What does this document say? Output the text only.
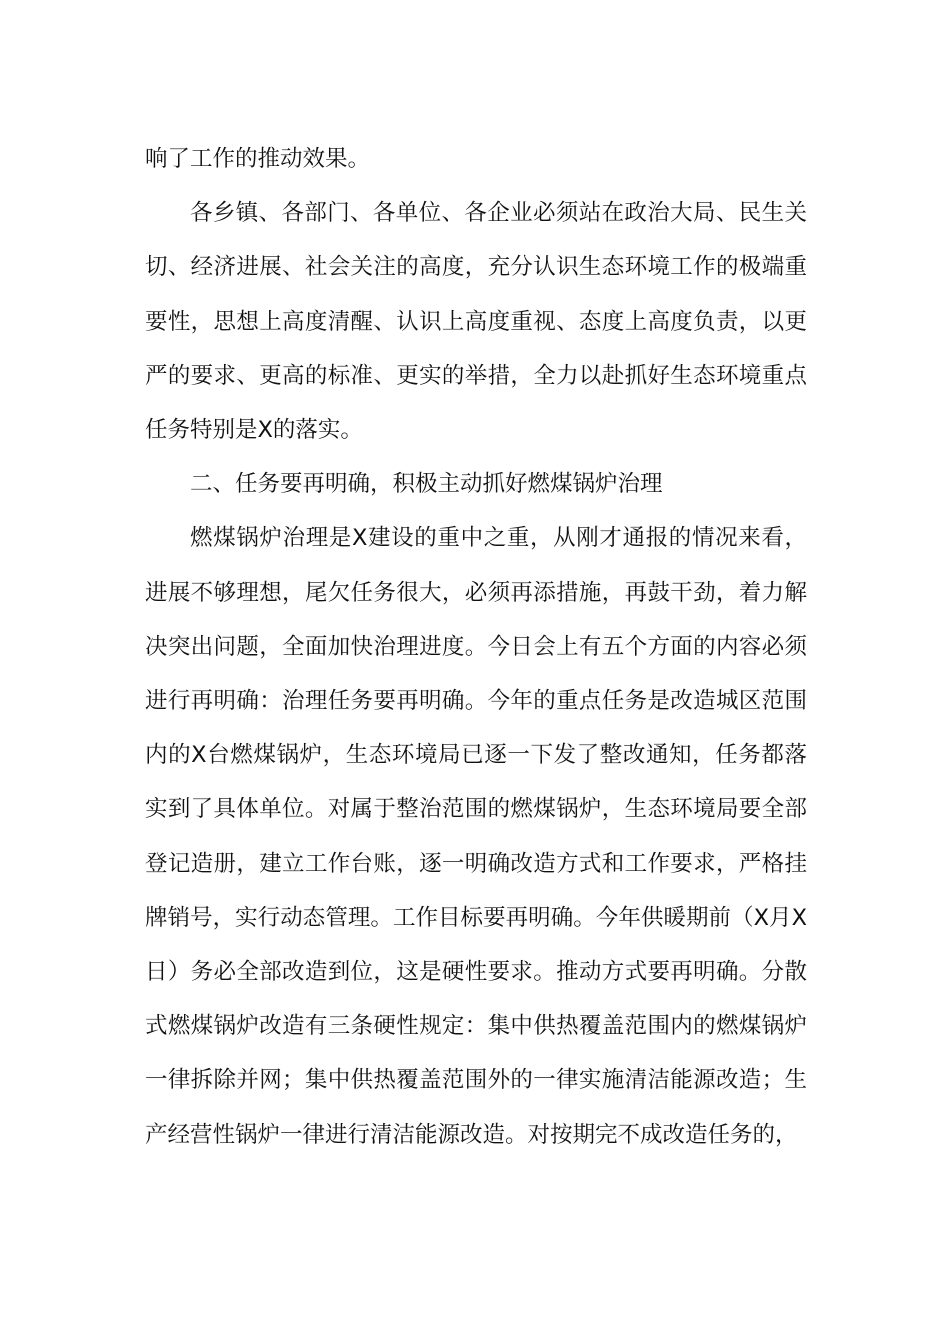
响了工作的推动效果。

各乡镇、各部门、各单位、各企业必须站在政治大局、民生关切、经济进展、社会关注的高度，充分认识生态环境工作的极端重要性，思想上高度清醒、认识上高度重视、态度上高度负责，以更严的要求、更高的标准、更实的举措，全力以赴抓好生态环境重点任务特别是X的落实。

二、任务要再明确，积极主动抓好燃煤锅炉治理

燃煤锅炉治理是X建设的重中之重，从刚才通报的情况来看，进展不够理想，尾欠任务很大，必须再添措施，再鼓干劲，着力解决突出问题，全面加快治理进度。今日会上有五个方面的内容必须进行再明确：治理任务要再明确。今年的重点任务是改造城区范围内的X台燃煤锅炉，生态环境局已逐一下发了整改通知，任务都落实到了具体单位。对属于整治范围的燃煤锅炉，生态环境局要全部登记造册，建立工作台账，逐一明确改造方式和工作要求，严格挂牌销号，实行动态管理。工作目标要再明确。今年供暖期前（X月X日）务必全部改造到位，这是硬性要求。推动方式要再明确。分散式燃煤锅炉改造有三条硬性规定：集中供热覆盖范围内的燃煤锅炉一律拆除并网；集中供热覆盖范围外的一律实施清洁能源改造；生产经营性锅炉一律进行清洁能源改造。对按期完不成改造任务的，
